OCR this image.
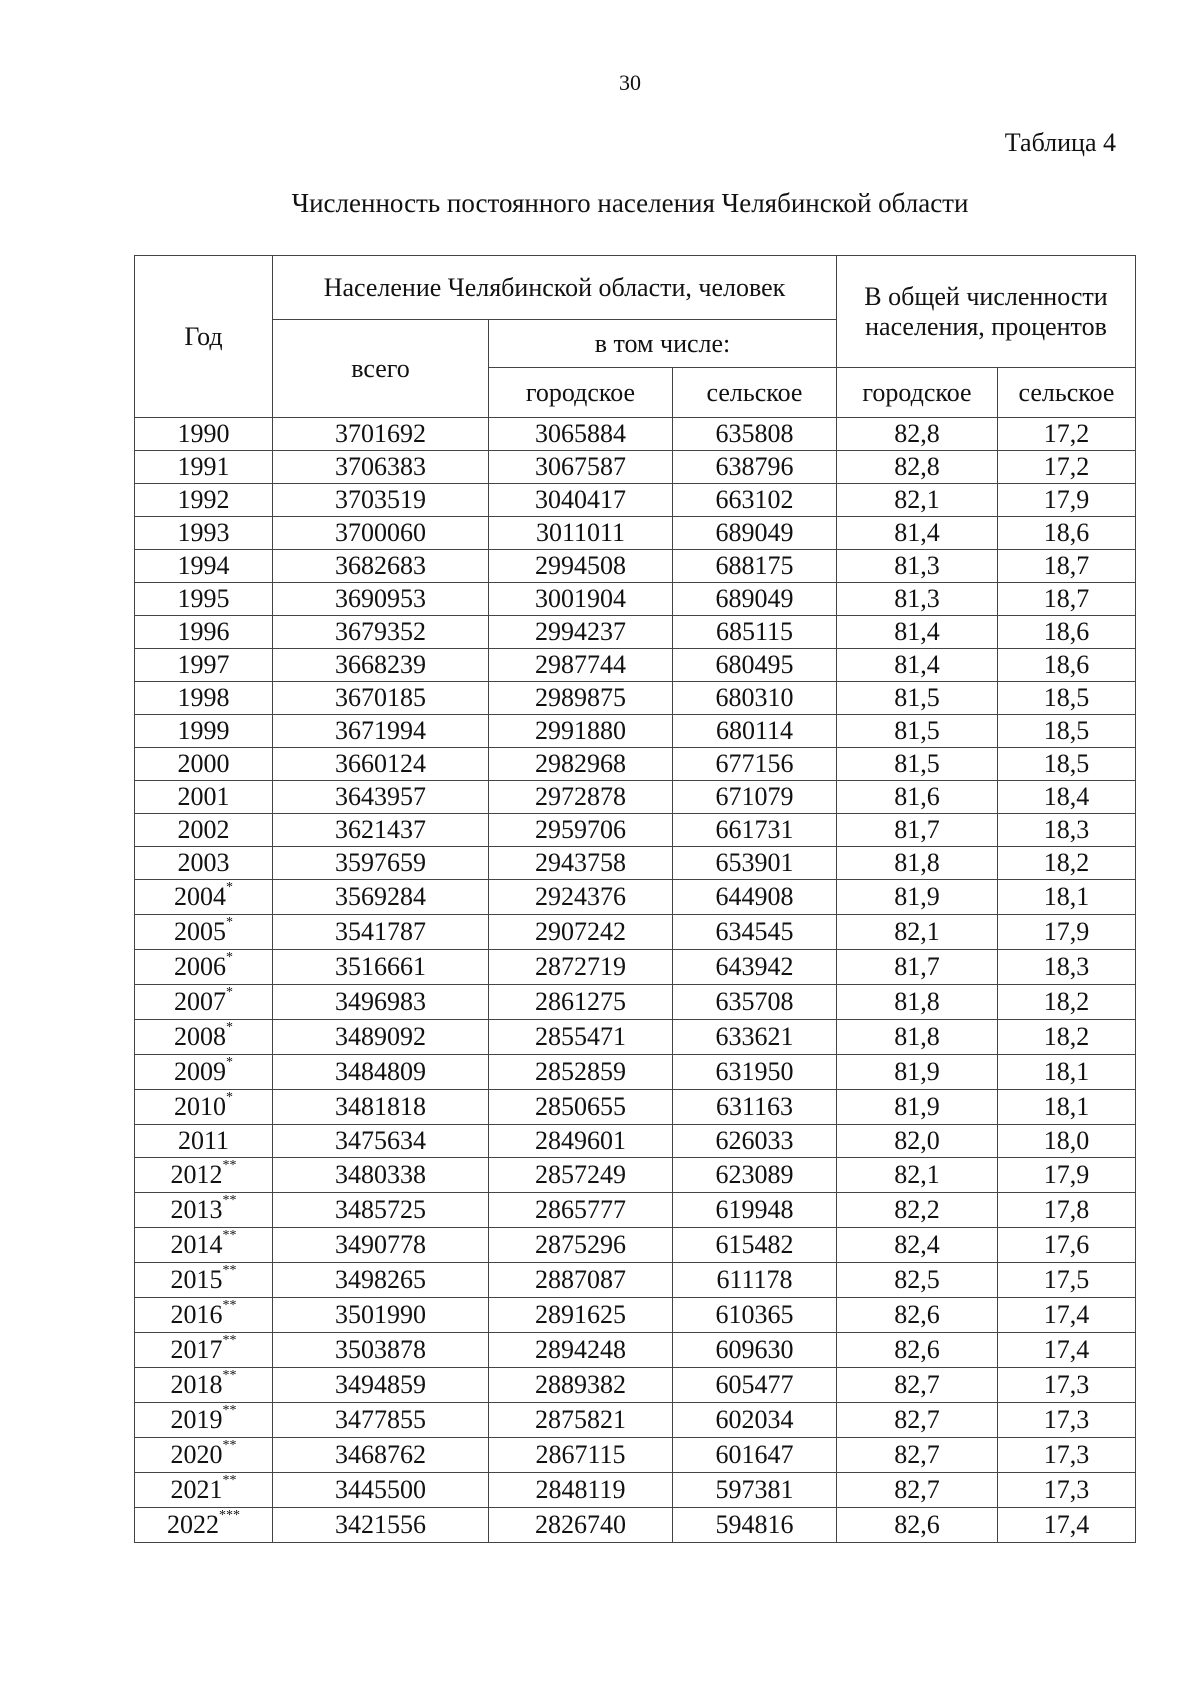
30
Таблица 4
Численность постоянного населения Челябинской области
Год	Население Челябинской области, человек			В общей численности населения, процентов	
	всего	в том числе:			
		городское	сельское	городское	сельское
1990	3701692	3065884	635808	82,8	17,2
1991	3706383	3067587	638796	82,8	17,2
1992	3703519	3040417	663102	82,1	17,9
1993	3700060	3011011	689049	81,4	18,6
1994	3682683	2994508	688175	81,3	18,7
1995	3690953	3001904	689049	81,3	18,7
1996	3679352	2994237	685115	81,4	18,6
1997	3668239	2987744	680495	81,4	18,6
1998	3670185	2989875	680310	81,5	18,5
1999	3671994	2991880	680114	81,5	18,5
2000	3660124	2982968	677156	81,5	18,5
2001	3643957	2972878	671079	81,6	18,4
2002	3621437	2959706	661731	81,7	18,3
2003	3597659	2943758	653901	81,8	18,2
2004*	3569284	2924376	644908	81,9	18,1
2005*	3541787	2907242	634545	82,1	17,9
2006*	3516661	2872719	643942	81,7	18,3
2007*	3496983	2861275	635708	81,8	18,2
2008*	3489092	2855471	633621	81,8	18,2
2009*	3484809	2852859	631950	81,9	18,1
2010*	3481818	2850655	631163	81,9	18,1
2011	3475634	2849601	626033	82,0	18,0
2012**	3480338	2857249	623089	82,1	17,9
2013**	3485725	2865777	619948	82,2	17,8
2014**	3490778	2875296	615482	82,4	17,6
2015**	3498265	2887087	611178	82,5	17,5
2016**	3501990	2891625	610365	82,6	17,4
2017**	3503878	2894248	609630	82,6	17,4
2018**	3494859	2889382	605477	82,7	17,3
2019**	3477855	2875821	602034	82,7	17,3
2020**	3468762	2867115	601647	82,7	17,3
2021**	3445500	2848119	597381	82,7	17,3
2022***	3421556	2826740	594816	82,6	17,4
